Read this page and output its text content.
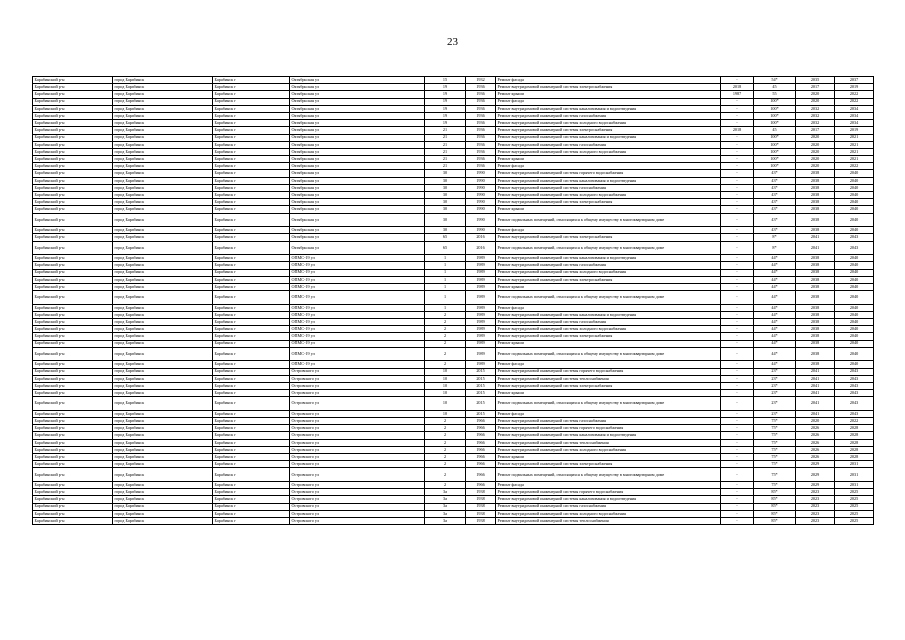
23
Барабинский р-н	город Барабинск	Барабинск г	Октябрьская ул	15	1932	Ремонт фасада	-	54*	2035	2037
Барабинский р-н	город Барабинск	Барабинск г	Октябрьская ул	19	1936	Ремонт внутридомовой инженерной системы электроснабжения	2018	45	2017	2019
Барабинский р-н	город Барабинск	Барабинск г	Октябрьская ул	19	1936	Ремонт крыши	1987	55	2020	2022
Барабинский р-н	город Барабинск	Барабинск г	Октябрьская ул	19	1936	Ремонт фасада	-	100*	2020	2022
Барабинский р-н	город Барабинск	Барабинск г	Октябрьская ул	19	1936	Ремонт внутридомовой инженерной системы канализования и водоотведения	-	100*	2032	2034
Барабинский р-н	город Барабинск	Барабинск г	Октябрьская ул	19	1936	Ремонт внутридомовой инженерной системы газоснабжения	-	100*	2032	2034
Барабинский р-н	город Барабинск	Барабинск г	Октябрьская ул	19	1936	Ремонт внутридомовой инженерной системы холодного водоснабжения	-	100*	2032	2034
Барабинский р-н	город Барабинск	Барабинск г	Октябрьская ул	21	1936	Ремонт внутридомовой инженерной системы электроснабжения	2018	45	2017	2019
Барабинский р-н	город Барабинск	Барабинск г	Октябрьская ул	21	1936	Ремонт внутридомовой инженерной системы канализования и водоотведения	-	100*	2020	2021
Барабинский р-н	город Барабинск	Барабинск г	Октябрьская ул	21	1936	Ремонт внутридомовой инженерной системы газоснабжения	-	100*	2020	2021
Барабинский р-н	город Барабинск	Барабинск г	Октябрьская ул	21	1936	Ремонт внутридомовой инженерной системы холодного водоснабжения	-	100*	2020	2021
Барабинский р-н	город Барабинск	Барабинск г	Октябрьская ул	21	1936	Ремонт крыши	-	100*	2020	2021
Барабинский р-н	город Барабинск	Барабинск г	Октябрьская ул	21	1936	Ремонт фасада	-	100*	2020	2022
Барабинский р-н	город Барабинск	Барабинск г	Октябрьская ул	30	1990	Ремонт внутридомовой инженерной системы горячего водоснабжения	-	43*	2038	2040
Барабинский р-н	город Барабинск	Барабинск г	Октябрьская ул	30	1990	Ремонт внутридомовой инженерной системы канализования и водоотведения	-	43*	2038	2040
Барабинский р-н	город Барабинск	Барабинск г	Октябрьская ул	30	1990	Ремонт внутридомовой инженерной системы газоснабжения	-	43*	2038	2040
Барабинский р-н	город Барабинск	Барабинск г	Октябрьская ул	30	1990	Ремонт внутридомовой инженерной системы холодного водоснабжения	-	43*	2038	2040
Барабинский р-н	город Барабинск	Барабинск г	Октябрьская ул	30	1990	Ремонт внутридомовой инженерной системы электроснабжения	-	43*	2038	2040
Барабинский р-н	город Барабинск	Барабинск г	Октябрьская ул	30	1990	Ремонт крыши	-	43*	2038	2040
Барабинский р-н	город Барабинск	Барабинск г	Октябрьская ул	30	1990	Ремонт подвальных помещений, относящихся к общему имуществу в многоквартирном доме	-	43*	2038	2040
Барабинский р-н	город Барабинск	Барабинск г	Октябрьская ул	30	1990	Ремонт фасада	-	43*	2038	2040
Барабинский р-н	город Барабинск	Барабинск г	Октябрьская ул	65	2016	Ремонт внутридомовой инженерной системы электроснабжения	-	8*	2041	2043
Барабинский р-н	город Барабинск	Барабинск г	Октябрьская ул	65	2016	Ремонт подвальных помещений, относящихся к общему имуществу в многоквартирном доме	-	8*	2041	2043
Барабинский р-н	город Барабинск	Барабинск г	ОПМС-19 ул	1	1989	Ремонт внутридомовой инженерной системы канализования и водоотведения	-	44*	2038	2040
Барабинский р-н	город Барабинск	Барабинск г	ОПМС-19 ул	1	1989	Ремонт внутридомовой инженерной системы газоснабжения	-	44*	2038	2040
Барабинский р-н	город Барабинск	Барабинск г	ОПМС-19 ул	1	1989	Ремонт внутридомовой инженерной системы холодного водоснабжения	-	44*	2038	2040
Барабинский р-н	город Барабинск	Барабинск г	ОПМС-19 ул	1	1989	Ремонт внутридомовой инженерной системы электроснабжения	-	44*	2038	2040
Барабинский р-н	город Барабинск	Барабинск г	ОПМС-19 ул	1	1989	Ремонт крыши	-	44*	2038	2040
Барабинский р-н	город Барабинск	Барабинск г	ОПМС-19 ул	1	1989	Ремонт подвальных помещений, относящихся к общему имуществу в многоквартирном доме	-	44*	2038	2040
Барабинский р-н	город Барабинск	Барабинск г	ОПМС-19 ул	1	1989	Ремонт фасада	-	44*	2038	2040
Барабинский р-н	город Барабинск	Барабинск г	ОПМС-19 ул	2	1989	Ремонт внутридомовой инженерной системы канализования и водоотведения	-	44*	2038	2040
Барабинский р-н	город Барабинск	Барабинск г	ОПМС-19 ул	2	1989	Ремонт внутридомовой инженерной системы газоснабжения	-	44*	2038	2040
Барабинский р-н	город Барабинск	Барабинск г	ОПМС-19 ул	2	1989	Ремонт внутридомовой инженерной системы холодного водоснабжения	-	44*	2038	2040
Барабинский р-н	город Барабинск	Барабинск г	ОПМС-19 ул	2	1989	Ремонт внутридомовой инженерной системы электроснабжения	-	44*	2038	2040
Барабинский р-н	город Барабинск	Барабинск г	ОПМС-19 ул	2	1989	Ремонт крыши	-	44*	2038	2040
Барабинский р-н	город Барабинск	Барабинск г	ОПМС-19 ул	2	1989	Ремонт подвальных помещений, относящихся к общему имуществу в многоквартирном доме	-	44*	2038	2040
Барабинский р-н	город Барабинск	Барабинск г	ОПМС-19 ул	2	1989	Ремонт фасада	-	44*	2038	2040
Барабинский р-н	город Барабинск	Барабинск г	Островского ул	10	2015	Ремонт внутридомовой инженерной системы горячего водоснабжения	-	23*	2041	2043
Барабинский р-н	город Барабинск	Барабинск г	Островского ул	10	2015	Ремонт внутридомовой инженерной системы теплоснабжения	-	23*	2041	2043
Барабинский р-н	город Барабинск	Барабинск г	Островского ул	10	2015	Ремонт внутридомовой инженерной системы электроснабжения	-	23*	2041	2043
Барабинский р-н	город Барабинск	Барабинск г	Островского ул	10	2015	Ремонт крыши	-	23*	2041	2043
Барабинский р-н	город Барабинск	Барабинск г	Островского ул	10	2015	Ремонт подвальных помещений, относящихся к общему имуществу в многоквартирном доме	-	23*	2041	2043
Барабинский р-н	город Барабинск	Барабинск г	Островского ул	10	2015	Ремонт фасада	-	23*	2041	2043
Барабинский р-н	город Барабинск	Барабинск г	Островского ул	2	1966	Ремонт внутридомовой инженерной системы газоснабжения	-	75*	2020	2022
Барабинский р-н	город Барабинск	Барабинск г	Островского ул	2	1966	Ремонт внутридомовой инженерной системы горячего водоснабжения	-	75*	2026	2028
Барабинский р-н	город Барабинск	Барабинск г	Островского ул	2	1966	Ремонт внутридомовой инженерной системы канализования и водоотведения	-	75*	2026	2028
Барабинский р-н	город Барабинск	Барабинск г	Островского ул	2	1966	Ремонт внутридомовой инженерной системы теплоснабжения	-	75*	2026	2028
Барабинский р-н	город Барабинск	Барабинск г	Островского ул	2	1966	Ремонт внутридомовой инженерной системы холодного водоснабжения	-	75*	2026	2028
Барабинский р-н	город Барабинск	Барабинск г	Островского ул	2	1966	Ремонт крыши	-	75*	2026	2028
Барабинский р-н	город Барабинск	Барабинск г	Островского ул	2	1966	Ремонт внутридомовой инженерной системы электроснабжения	-	75*	2029	2031
Барабинский р-н	город Барабинск	Барабинск г	Островского ул	2	1966	Ремонт подвальных помещений, относящихся к общему имуществу в многоквартирном доме	-	75*	2029	2031
Барабинский р-н	город Барабинск	Барабинск г	Островского ул	2	1966	Ремонт фасада	-	75*	2029	2031
Барабинский р-н	город Барабинск	Барабинск г	Островского ул	3а	1938	Ремонт внутридомовой инженерной системы горячего водоснабжения	-	85*	2023	2025
Барабинский р-н	город Барабинск	Барабинск г	Островского ул	3а	1938	Ремонт внутридомовой инженерной системы канализования и водоотведения	-	85*	2023	2025
Барабинский р-н	город Барабинск	Барабинск г	Островского ул	3а	1938	Ремонт внутридомовой инженерной системы газоснабжения	-	85*	2023	2025
Барабинский р-н	город Барабинск	Барабинск г	Островского ул	3а	1938	Ремонт внутридомовой инженерной системы холодного водоснабжения	-	85*	2023	2025
Барабинский р-н	город Барабинск	Барабинск г	Островского ул	3а	1938	Ремонт внутридомовой инженерной системы теплоснабжения	-	85*	2023	2025
